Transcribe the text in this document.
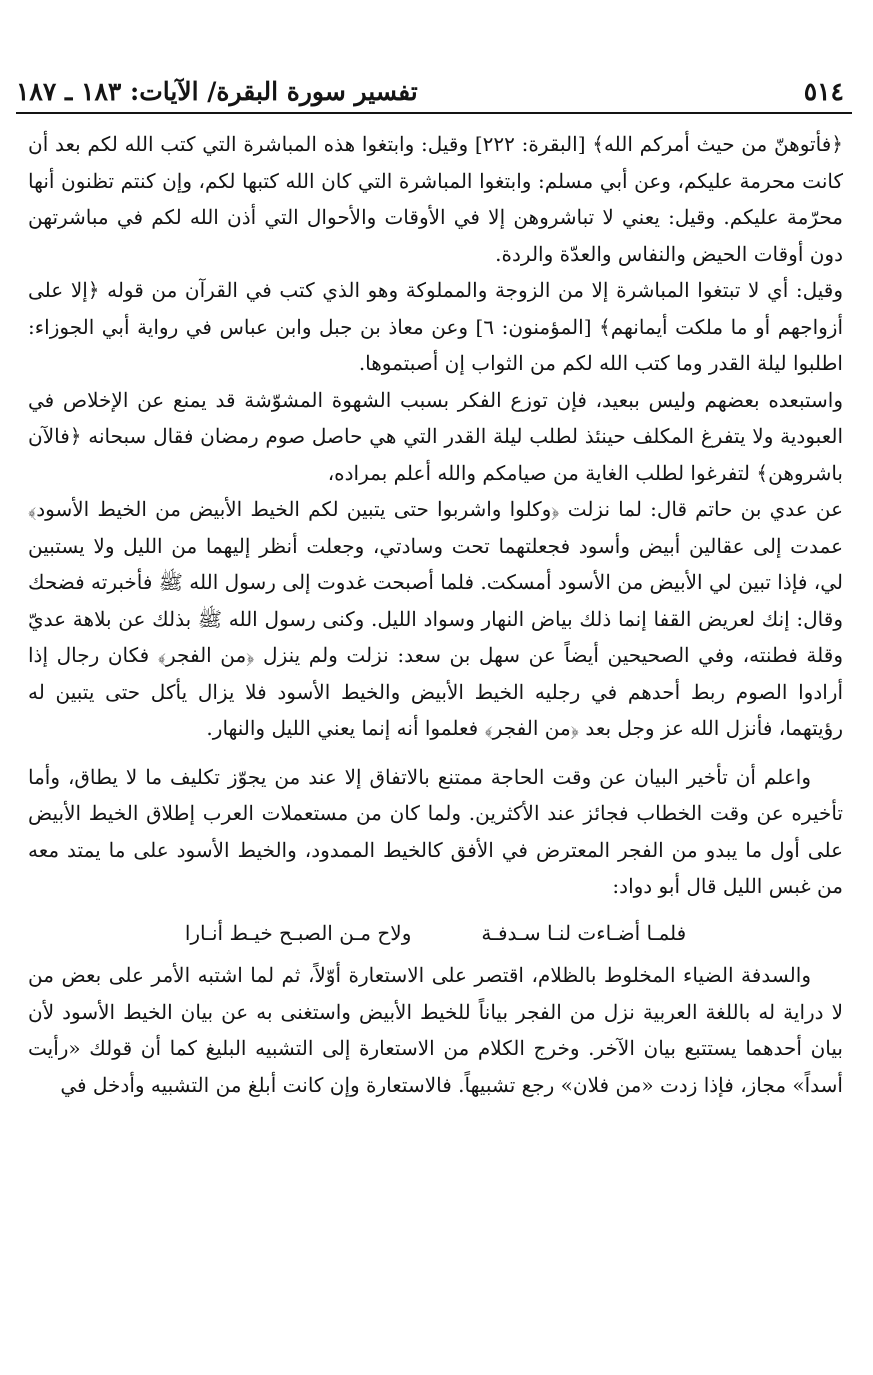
تفسير سورة البقرة/ الآيات: ١٨٣ ـ ١٨٧	٥١٤

﴿فأتوهنّ من حيث أمركم الله﴾ [البقرة: ٢٢٢] وقيل: وابتغوا هذه المباشرة التي كتب الله لكم بعد أن كانت محرمة عليكم، وعن أبي مسلم: وابتغوا المباشرة التي كان الله كتبها لكم، وإن كنتم تظنون أنها محرّمة عليكم. وقيل: يعني لا تباشروهن إلا في الأوقات والأحوال التي أذن الله لكم في مباشرتهن دون أوقات الحيض والنفاس والعدّة والردة.

وقيل: أي لا تبتغوا المباشرة إلا من الزوجة والمملوكة وهو الذي كتب في القرآن من قوله ﴿إلا على أزواجهم أو ما ملكت أيمانهم﴾ [المؤمنون: ٦] وعن معاذ بن جبل وابن عباس في رواية أبي الجوزاء: اطلبوا ليلة القدر وما كتب الله لكم من الثواب إن أصبتموها.

واستبعده بعضهم وليس ببعيد، فإن توزع الفكر بسبب الشهوة المشوّشة قد يمنع عن الإخلاص في العبودية ولا يتفرغ المكلف حينئذ لطلب ليلة القدر التي هي حاصل صوم رمضان فقال سبحانه ﴿فالآن باشروهن﴾ لتفرغوا لطلب الغاية من صيامكم والله أعلم بمراده،

عن عدي بن حاتم قال: لما نزلت ﴿وكلوا واشربوا حتى يتبين لكم الخيط الأبيض من الخيط الأسود﴾ عمدت إلى عقالين أبيض وأسود فجعلتهما تحت وسادتي، وجعلت أنظر إليهما من الليل ولا يستبين لي، فإذا تبين لي الأبيض من الأسود أمسكت. فلما أصبحت غدوت إلى رسول الله ﷺ فأخبرته فضحك وقال: إنك لعريض القفا إنما ذلك بياض النهار وسواد الليل. وكنى رسول الله ﷺ بذلك عن بلاهة عديّ وقلة فطنته، وفي الصحيحين أيضاً عن سهل بن سعد: نزلت ولم ينزل ﴿من الفجر﴾ فكان رجال إذا أرادوا الصوم ربط أحدهم في رجليه الخيط الأبيض والخيط الأسود فلا يزال يأكل حتى يتبين له رؤيتهما، فأنزل الله عز وجل بعد ﴿من الفجر﴾ فعلموا أنه إنما يعني الليل والنهار.

واعلم أن تأخير البيان عن وقت الحاجة ممتنع بالاتفاق إلا عند من يجوّز تكليف ما لا يطاق، وأما تأخيره عن وقت الخطاب فجائز عند الأكثرين. ولما كان من مستعملات العرب إطلاق الخيط الأبيض على أول ما يبدو من الفجر المعترض في الأفق كالخيط الممدود، والخيط الأسود على ما يمتد معه من غبس الليل قال أبو دواد:

فلمـا أضـاءت لنـا سـدفـة
ولاح مـن الصبـح خيـط أنـارا

والسدفة الضياء المخلوط بالظلام، اقتصر على الاستعارة أوّلاً، ثم لما اشتبه الأمر على بعض من لا دراية له باللغة العربية نزل من الفجر بياناً للخيط الأبيض واستغنى به عن بيان الخيط الأسود لأن بيان أحدهما يستتبع بيان الآخر. وخرج الكلام من الاستعارة إلى التشبيه البليغ كما أن قولك «رأيت أسداً» مجاز، فإذا زدت «من فلان» رجع تشبيهاً. فالاستعارة وإن كانت أبلغ من التشبيه وأدخل في
